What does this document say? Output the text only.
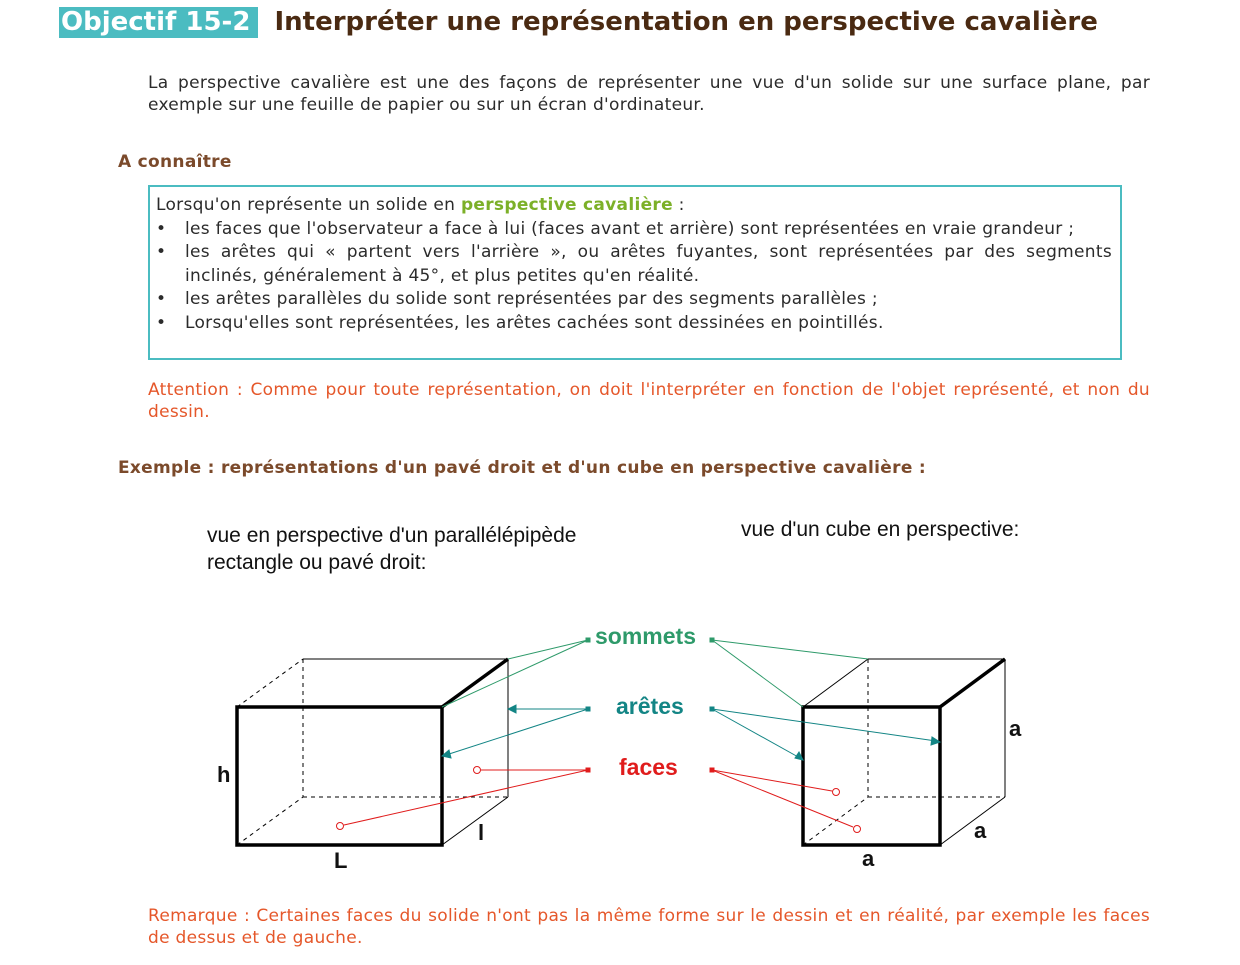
Objectif 15-2 Interpréter une représentation en perspective cavalière
La perspective cavalière est une des façons de représenter une vue d'un solide sur une surface plane, par exemple sur une feuille de papier ou sur un écran d'ordinateur.
A connaître
Lorsqu'on représente un solide en perspective cavalière :
• les faces que l'observateur a face à lui (faces avant et arrière) sont représentées en vraie grandeur ;
• les arêtes qui « partent vers l'arrière », ou arêtes fuyantes, sont représentées par des segments inclinés, généralement à 45°, et plus petites qu'en réalité.
• les arêtes parallèles du solide sont représentées par des segments parallèles ;
• Lorsqu'elles sont représentées, les arêtes cachées sont dessinées en pointillés.
Attention : Comme pour toute représentation, on doit l'interpréter en fonction de l'objet représenté, et non du dessin.
Exemple : représentations d'un pavé droit et d'un cube en perspective cavalière :
vue en perspective d'un parallélépipède
rectangle ou pavé droit:
vue d'un cube en perspective:
h
L
l
a
a
a
sommets
arêtes
faces
Remarque : Certaines faces du solide n'ont pas la même forme sur le dessin et en réalité, par exemple les faces de dessus et de gauche.
